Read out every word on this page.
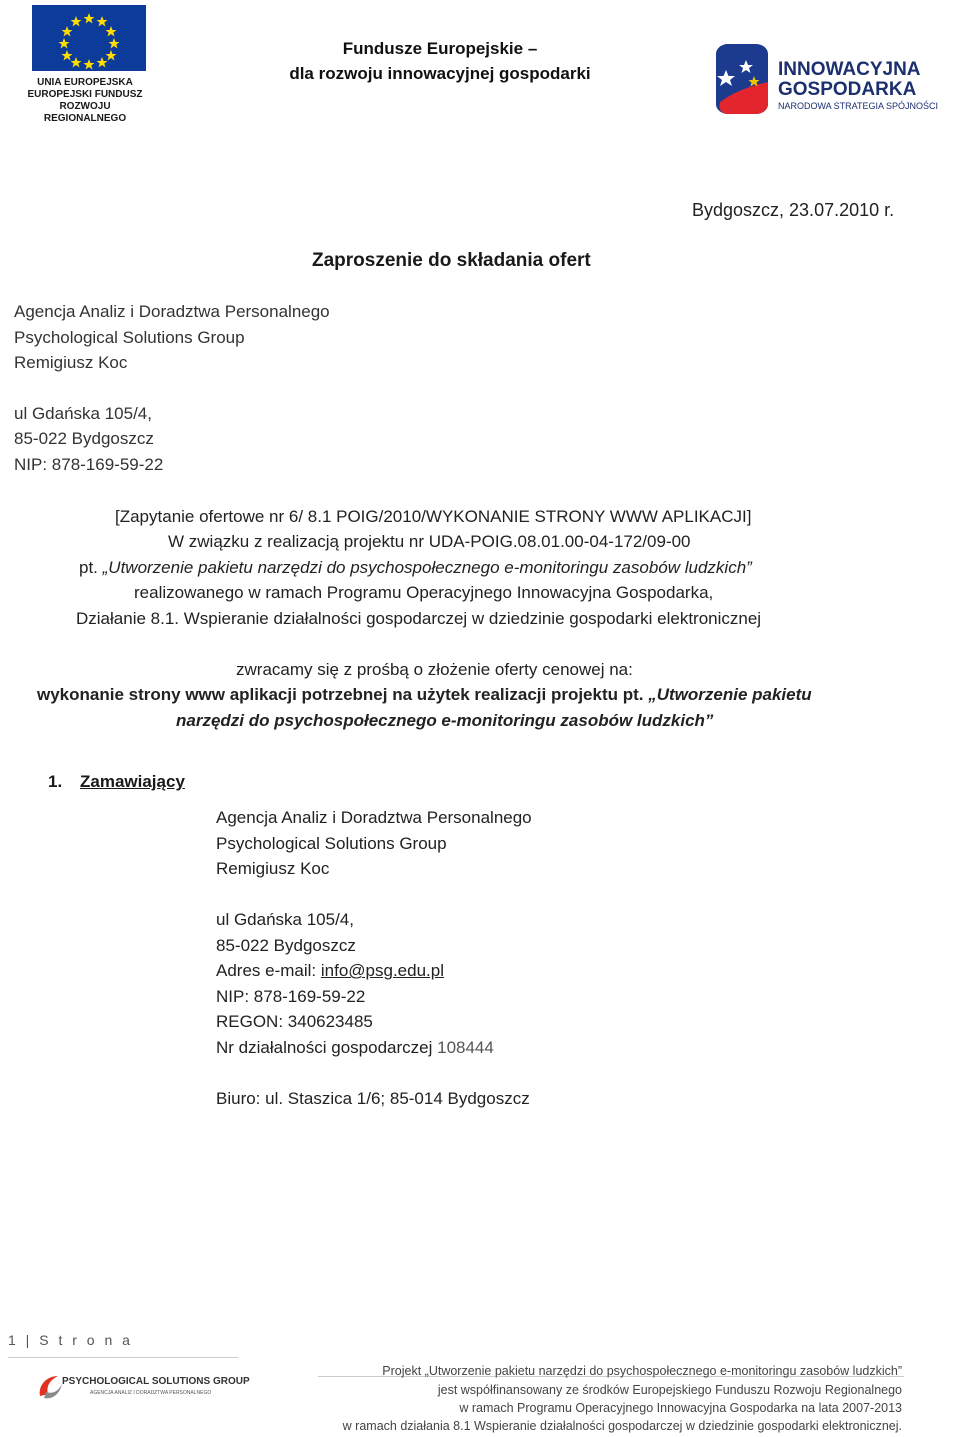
UNIA EUROPEJSKA
EUROPEJSKI FUNDUSZ
ROZWOJU REGIONALNEGO
Fundusze Europejskie –
dla rozwoju innowacyjnej gospodarki	INNOWACYJNA
GOSPODARKA
NARODOWA STRATEGIA SPÓJNOŚCI
Bydgoszcz, 23.07.2010 r.
Zaproszenie do składania ofert
Agencja Analiz i Doradztwa Personalnego
Psychological Solutions Group
Remigiusz Koc
ul Gdańska 105/4,
85-022 Bydgoszcz
NIP: 878-169-59-22
[Zapytanie ofertowe nr 6/ 8.1 POIG/2010/WYKONANIE STRONY WWW APLIKACJI]
W związku z realizacją projektu nr UDA-POIG.08.01.00-04-172/09-00
pt. „Utworzenie pakietu narzędzi do psychospołecznego e-monitoringu zasobów ludzkich”
realizowanego w ramach Programu Operacyjnego Innowacyjna Gospodarka,
Działanie 8.1. Wspieranie działalności gospodarczej w dziedzinie gospodarki elektronicznej
zwracamy się z prośbą o złożenie oferty cenowej na:
wykonanie strony www aplikacji potrzebnej na użytek realizacji projektu pt. „Utworzenie pakietu
narzędzi do psychospołecznego e-monitoringu zasobów ludzkich”
1. Zamawiający
Agencja Analiz i Doradztwa Personalnego
Psychological Solutions Group
Remigiusz Koc
ul Gdańska 105/4,
85-022 Bydgoszcz
Adres e-mail: info@psg.edu.pl
NIP: 878-169-59-22
REGON: 340623485
Nr działalności gospodarczej 108444
Biuro: ul. Staszica 1/6; 85-014 Bydgoszcz
1 | S t r o n a
PSYCHOLOGICAL SOLUTIONS GROUP
AGENCJA ANALIZ I DORADZTWA PERSONALNEGO
Projekt „Utworzenie pakietu narzędzi do psychospołecznego e-monitoringu zasobów ludzkich”
jest współfinansowany ze środków Europejskiego Funduszu Rozwoju Regionalnego
w ramach Programu Operacyjnego Innowacyjna Gospodarka na lata 2007-2013
w ramach działania 8.1 Wspieranie działalności gospodarczej w dziedzinie gospodarki elektronicznej.
